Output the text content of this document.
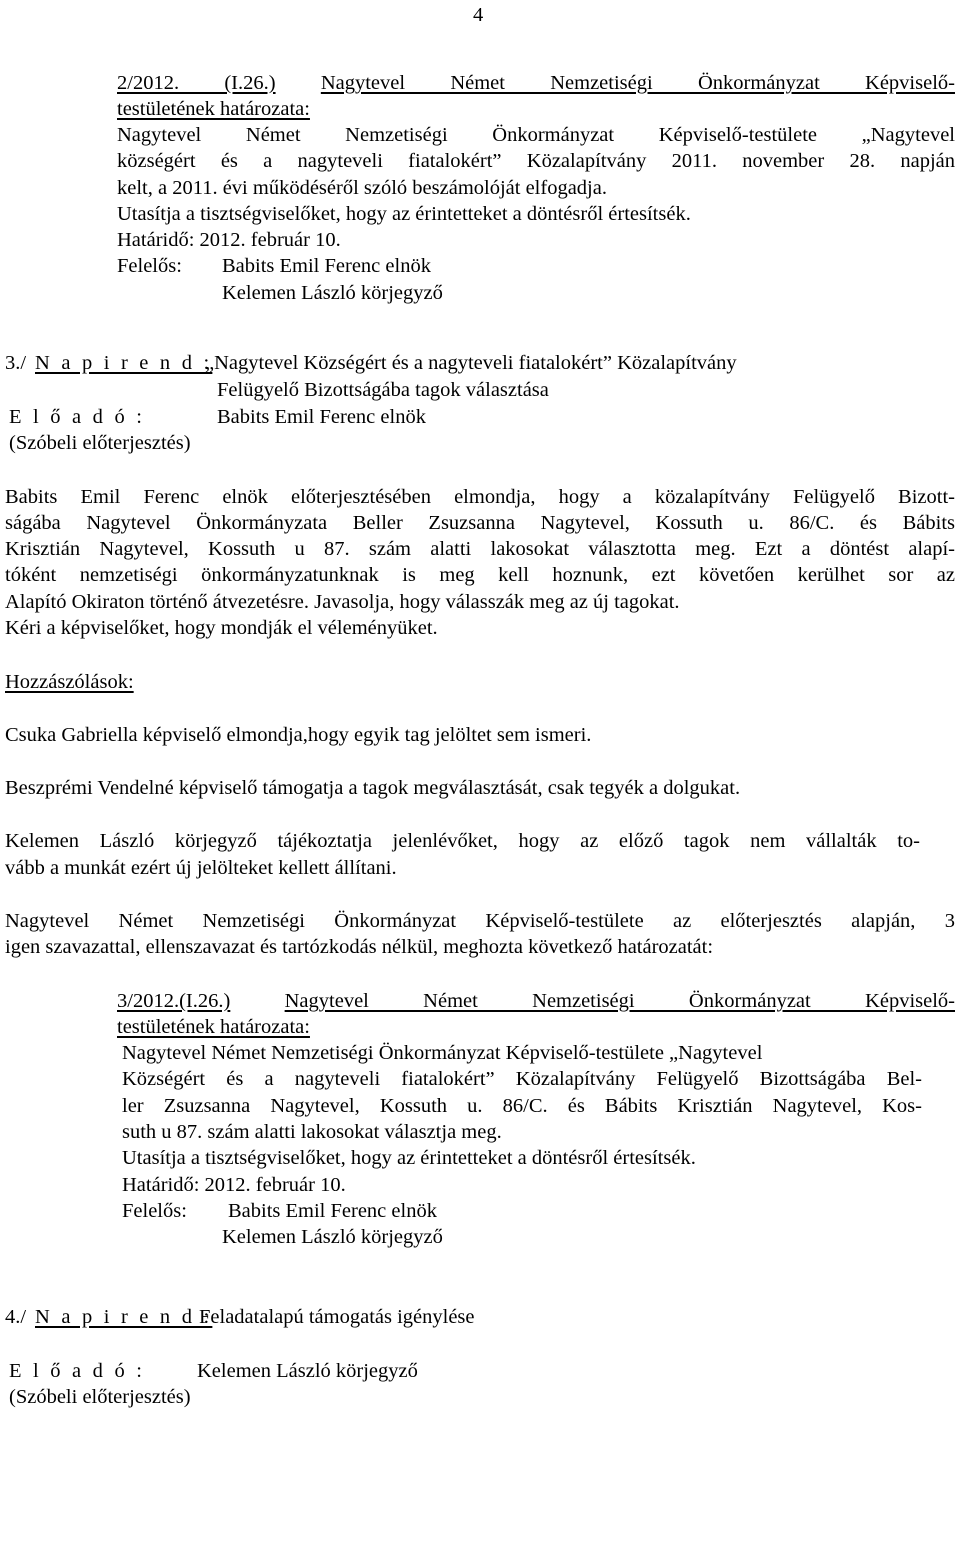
4
2/2012. (I.26.) Nagytevel Német Nemzetiségi Önkormányzat Képviselő-
testületének határozata:
Nagytevel Német Nemzetiségi Önkormányzat Képviselő-testülete „Nagytevel
községért és a nagyteveli fiatalokért” Közalapítvány 2011. november 28. napján
kelt, a 2011. évi működéséről szóló beszámolóját elfogadja.
Utasítja a tisztségviselőket, hogy az érintetteket a döntésről értesítsék.
Határidő: 2012. február 10.
Felelős: Babits Emil Ferenc elnök
Kelemen László körjegyző
3./ N a p i r e n d :
„Nagytevel Községért és a nagyteveli fiatalokért” Közalapítvány
Felügyelő Bizottságába tagok választása
E l ő a d ó :	Babits Emil Ferenc elnök
(Szóbeli előterjesztés)
Babits Emil Ferenc elnök előterjesztésében elmondja, hogy a közalapítvány Felügyelő Bizott-
ságába Nagytevel Önkormányzata Beller Zsuzsanna Nagytevel, Kossuth u. 86/C. és Bábits
Krisztián Nagytevel, Kossuth u 87. szám alatti lakosokat választotta meg. Ezt a döntést alapí-
tóként nemzetiségi önkormányzatunknak is meg kell hoznunk, ezt követően kerülhet sor az
Alapító Okiraton történő átvezetésre. Javasolja, hogy válasszák meg az új tagokat.
Kéri a képviselőket, hogy mondják el véleményüket.
Hozzászólások:
Csuka Gabriella képviselő elmondja,hogy egyik tag jelöltet sem ismeri.
Beszprémi Vendelné képviselő támogatja a tagok megválasztását, csak tegyék a dolgukat.
Kelemen László körjegyző tájékoztatja jelenlévőket, hogy az előző tagok nem vállalták to-
vább a munkát ezért új jelölteket kellett állítani.
Nagytevel Német Nemzetiségi Önkormányzat Képviselő-testülete az előterjesztés alapján, 3
igen szavazattal, ellenszavazat és tartózkodás nélkül, meghozta következő határozatát:
3/2012.(I.26.)	Nagytevel Német Nemzetiségi Önkormányzat Képviselő-
testületének határozata:
Nagytevel Német Nemzetiségi Önkormányzat Képviselő-testülete „Nagytevel
Községért és a nagyteveli fiatalokért” Közalapítvány Felügyelő Bizottságába Bel-
ler Zsuzsanna Nagytevel, Kossuth u. 86/C. és Bábits Krisztián Nagytevel, Kos-
suth u 87. szám alatti lakosokat választja meg.
Utasítja a tisztségviselőket, hogy az érintetteket a döntésről értesítsék.
Határidő: 2012. február 10.
Felelős: Babits Emil Ferenc elnök
Kelemen László körjegyző
4./ N a p i r e n d :
Feladatalapú támogatás igénylése
E l ő a d ó :	Kelemen László körjegyző
(Szóbeli előterjesztés)
